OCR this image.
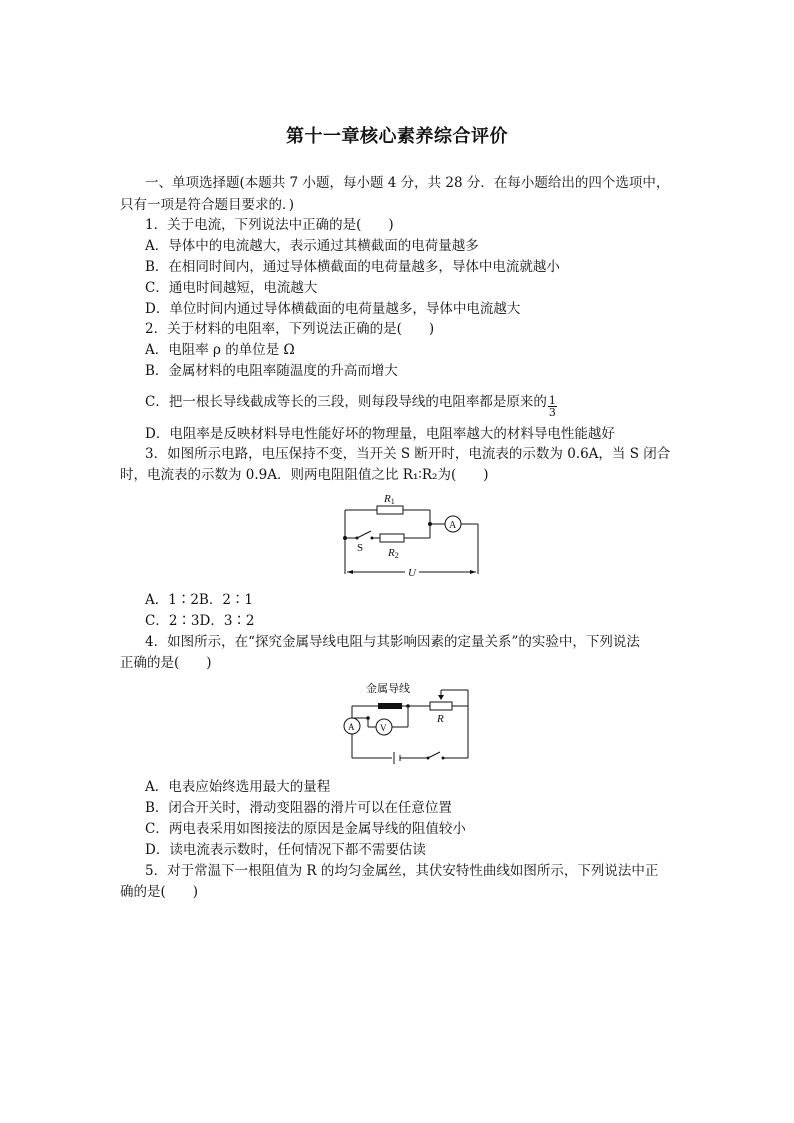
第十一章核心素养综合评价
一、单项选择题(本题共 7 小题，每小题 4 分，共 28 分．在每小题给出的四个选项中，
只有一项是符合题目要求的．)
1．关于电流，下列说法中正确的是(　　)
A．导体中的电流越大，表示通过其横截面的电荷量越多
B．在相同时间内，通过导体横截面的电荷量越多，导体中电流就越小
C．通电时间越短，电流越大
D．单位时间内通过导体横截面的电荷量越多，导体中电流越大
2．关于材料的电阻率，下列说法正确的是(　　)
A．电阻率 ρ 的单位是 Ω
B．金属材料的电阻率随温度的升高而增大
C．把一根长导线截成等长的三段，则每段导线的电阻率都是原来的 $\frac{1}{3}$
D．电阻率是反映材料导电性能好坏的物理量，电阻率越大的材料导电性能越好
3．如图所示电路，电压保持不变，当开关 S 断开时，电流表的示数为 0.6A，当 S 闭合
时，电流表的示数为 0.9A．则两电阻阻值之比 R₁∶R₂为(　　)
R1
R2
S
A
U
A．1∶2B．2∶1
C．2∶3D．3∶2
4．如图所示，在“探究金属导线电阻与其影响因素的定量关系”的实验中，下列说法
正确的是(　　)
金属导线
R
V
A
A．电表应始终选用最大的量程
B．闭合开关时，滑动变阻器的滑片可以在任意位置
C．两电表采用如图接法的原因是金属导线的阻值较小
D．读电流表示数时，任何情况下都不需要估读
5．对于常温下一根阻值为 R 的均匀金属丝，其伏安特性曲线如图所示，下列说法中正
确的是(　　)
